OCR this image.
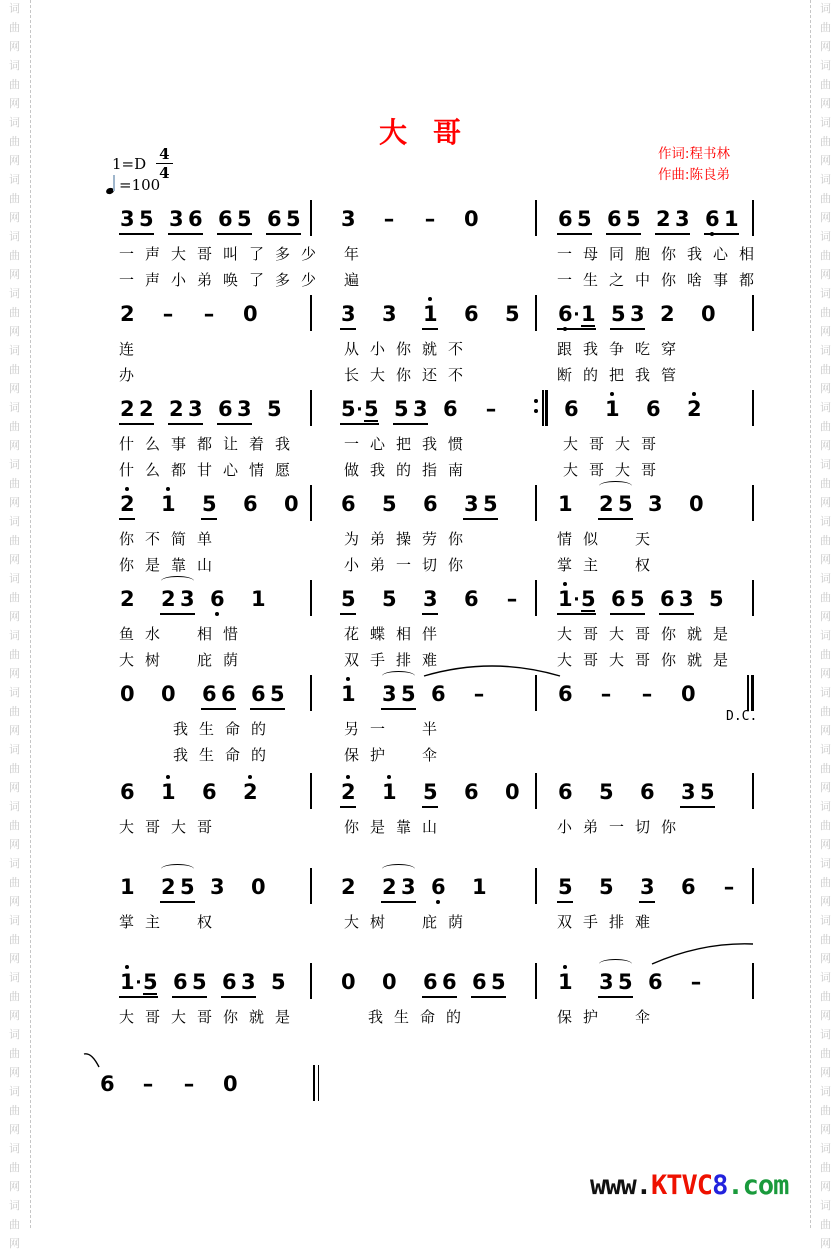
词
曲
网
词
曲
网
词
曲
网
词
曲
网
词
曲
网
词
曲
网
词
曲
网
词
曲
网
词
曲
网
词
曲
网
词
曲
网
词
曲
网
词
曲
网
词
曲
网
词
曲
网
词
曲
网
词
曲
网
词
曲
网
词
曲
网
词
曲
网
词
曲
网
词
曲
网
词
曲
网
词
曲
网
词
曲
网
词
曲
网
词
曲
网
词
曲
网
词
曲
网
词
曲
网
词
曲
网
词
曲
网
词
曲
网
词
曲
网
词
曲
网
词
曲
网
词
曲
网
词
曲
网
词
曲
网
词
曲
网
词
曲
网
词
曲
网
词
曲
网
词
曲
网
大哥
作词:程书林
作曲:陈良弟
$1=D \frac{4}{4}$
=100
3 5 3 6 6 5 6 5 3 – – 0	6 5 6 5 2 3 6 1
一声大哥叫了多少 年	一母同胞你我心相
一声小弟唤了多少 遍	一生之中你啥事都
2 – – 0	3 3 1 6 5 6 · 1 5 3 2 0
连	从小你就不	跟我争吃穿
办	长大你还不	断的把我管
2 2 2 3 6 3 5	5 · 5 5 3 6 –	6 1 6 2
什么事都让着我	一心把我惯	大哥大哥
什么都甘心情愿	做我的指南	大哥大哥
2 1 5 6 0 6 5 6 3 5	1 2 5 3 0
你不简单	为弟操劳你	情似　天
你是靠山	小弟一切你	掌主　权
2 2 3 6 1	5 5 3 6 – 1 · 5 6 5 6 3 5
鱼水　相惜	花蝶相伴	大哥大哥你就是
大树　庇荫	双手排难	大哥大哥你就是
0 0 6 6 6 5	1 3 5 6 –	6 – – 0
我生命的	另一　半
我生命的	保护　伞
6 1 6 2	2 1 5 6 0 6 5 6 3 5
大哥大哥	你是靠山	小弟一切你
1 2 5 3 0	2 2 3 6 1	5 5 3 6 –
掌主　权	大树　庇荫	双手排难
1 · 5 6 5 6 3 5	0 0 6 6 6 5 1 3 5 6 –
大哥大哥你就是	我生命的	保护　伞
6 – – 0
D.C.
www.KTVC8.com
